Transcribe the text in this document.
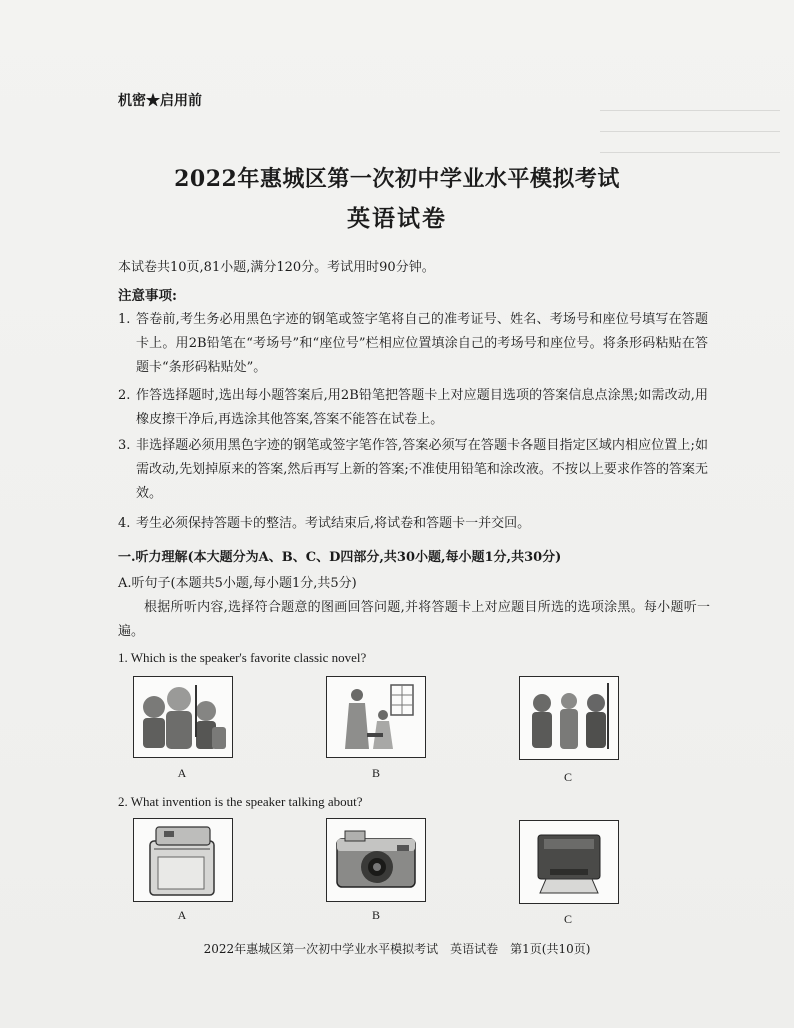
机密★启用前
2022年惠城区第一次初中学业水平模拟考试
英语试卷
本试卷共10页,81小题,满分120分。考试用时90分钟。
注意事项:
1. 答卷前,考生务必用黑色字迹的钢笔或签字笔将自己的准考证号、姓名、考场号和座位号填写在答题卡上。用2B铅笔在“考场号”和“座位号”栏相应位置填涂自己的考场号和座位号。将条形码粘贴在答题卡“条形码粘贴处”。
2. 作答选择题时,选出每小题答案后,用2B铅笔把答题卡上对应题目选项的答案信息点涂黑;如需改动,用橡皮擦干净后,再选涂其他答案,答案不能答在试卷上。
3. 非选择题必须用黑色字迹的钢笔或签字笔作答,答案必须写在答题卡各题目指定区域内相应位置上;如需改动,先划掉原来的答案,然后再写上新的答案;不准使用铅笔和涂改液。不按以上要求作答的答案无效。
4. 考生必须保持答题卡的整洁。考试结束后,将试卷和答题卡一并交回。
一.听力理解(本大题分为A、B、C、D四部分,共30小题,每小题1分,共30分)
A.听句子(本题共5小题,每小题1分,共5分)
根据所听内容,选择符合题意的图画回答问题,并将答题卡上对应题目所选的选项涂黑。每小题听一遍。
1. Which is the speaker's favorite classic novel?
A	B	C
2. What invention is the speaker talking about?
A	B	C
2022年惠城区第一次初中学业水平模拟考试　英语试卷　第1页(共10页)
